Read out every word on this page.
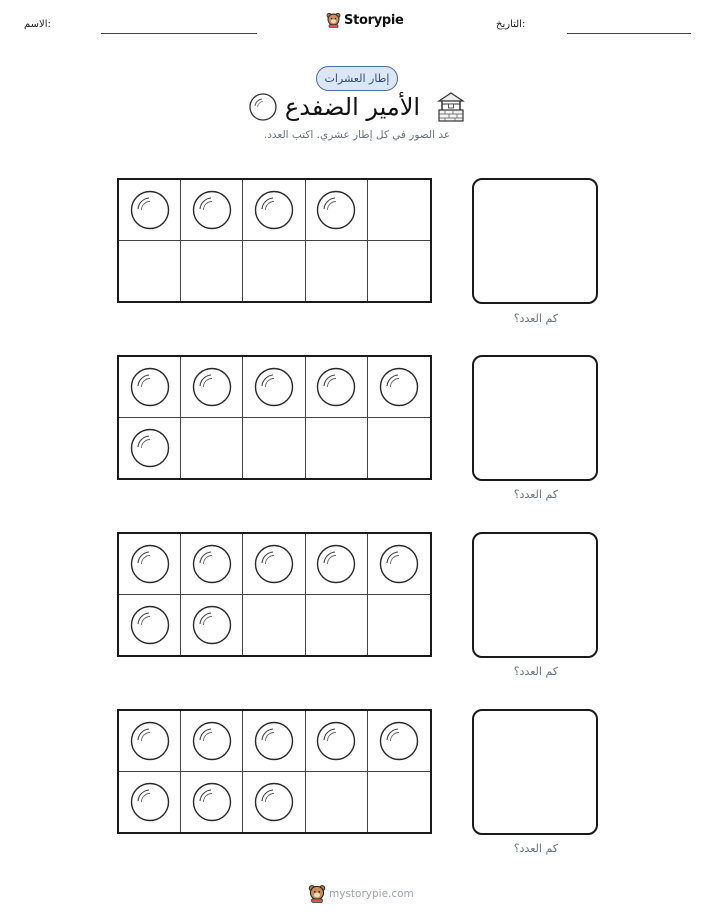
الاسم:	Storypie	التاريخ:
إطار العشرات
الأمير الضفدع
عد الصور في كل إطار عشري. اكتب العدد.
كم العدد؟
كم العدد؟
كم العدد؟
كم العدد؟
mystorypie.com
